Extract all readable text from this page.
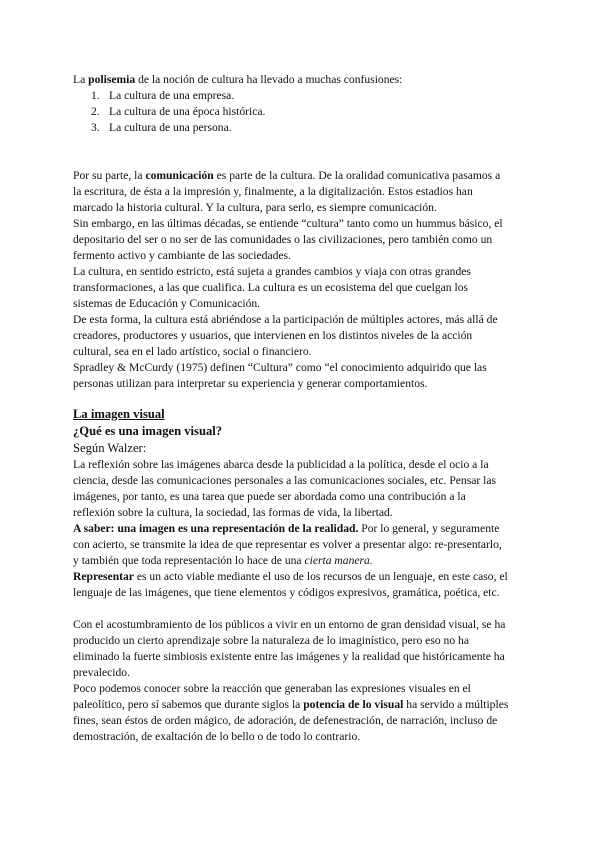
La polisemia de la noción de cultura ha llevado a muchas confusiones:
1. La cultura de una empresa.
2. La cultura de una época histórica.
3. La cultura de una persona.
Por su parte, la comunicación es parte de la cultura. De la oralidad comunicativa pasamos a
la escritura, de ésta a la impresión y, finalmente, a la digitalización. Estos estadios han
marcado la historia cultural. Y la cultura, para serlo, es siempre comunicación.
Sin embargo, en las últimas décadas, se entiende “cultura” tanto como un hummus básico, el
depositario del ser o no ser de las comunidades o las civilizaciones, pero también como un
fermento activo y cambiante de las sociedades.
La cultura, en sentido estricto, está sujeta a grandes cambios y viaja con otras grandes
transformaciones, a las que cualifica. La cultura es un ecosistema del que cuelgan los
sistemas de Educación y Comunicación.
De esta forma, la cultura está abriéndose a la participación de múltiples actores, más allá de
creadores, productores y usuarios, que intervienen en los distintos niveles de la acción
cultural, sea en el lado artístico, social o financiero.
Spradley & McCurdy (1975) definen “Cultura” como “el conocimiento adquirido que las
personas utilizan para interpretar su experiencia y generar comportamientos.
La imagen visual
¿Qué es una imagen visual?
Según Walzer:
La reflexión sobre las imágenes abarca desde la publicidad a la política, desde el ocio a la
ciencia, desde las comunicaciones personales a las comunicaciones sociales, etc. Pensar las
imágenes, por tanto, es una tarea que puede ser abordada como una contribución a la
reflexión sobre la cultura, la sociedad, las formas de vida, la libertad.
A saber: una imagen es una representación de la realidad. Por lo general, y seguramente
con acierto, se transmite la idea de que representar es volver a presentar algo: re-presentarlo,
y también que toda representación lo hace de una cierta manera.
Representar es un acto viable mediante el uso de los recursos de un lenguaje, en este caso, el
lenguaje de las imágenes, que tiene elementos y códigos expresivos, gramática, poética, etc.
Con el acostumbramiento de los públicos a vivir en un entorno de gran densidad visual, se ha
producido un cierto aprendizaje sobre la naturaleza de lo imaginístico, pero eso no ha
eliminado la fuerte simbiosis existente entre las imágenes y la realidad que históricamente ha
prevalecido.
Poco podemos conocer sobre la reacción que generaban las expresiones visuales en el
paleolítico, pero sí sabemos que durante siglos la potencia de lo visual ha servido a múltiples
fines, sean éstos de orden mágico, de adoración, de defenestración, de narración, incluso de
demostración, de exaltación de lo bello o de todo lo contrario.
